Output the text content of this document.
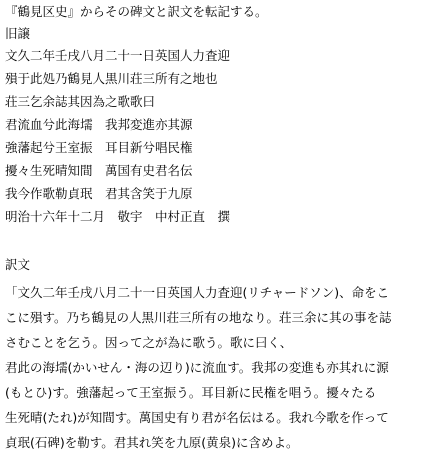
『鶴見区史』からその碑文と訳文を転記する。
旧譲
文久二年壬戌八月二十一日英国人力査迎
殞于此処乃鶴見人黒川荘三所有之地也
荘三乞余誌其因為之歌歌曰
君流血兮此海壖　我邦変進亦其源
強藩起兮王室振　耳目新兮唱民権
擾々生死晴知間　萬国有史君名伝
我今作歌勒貞珉　君其含笑于九原
明治十六年十二月　敬宇　中村正直　撰
訳文
「文久二年壬戌八月二十一日英国人力査迎(リチャードソン)、命をこ
こに殞す。乃ち鶴見の人黒川荘三所有の地なり。荘三余に其の事を誌
さむことを乞う。因って之が為に歌う。歌に曰く、
君此の海壖(かいせん・海の辺り)に流血す。我邦の変進も亦其れに源
(もとひ)す。強藩起って王室振う。耳目新に民権を唱う。擾々たる
生死晴(たれ)が知間す。萬国史有り君が名伝はる。我れ今歌を作って
貞珉(石碑)を勒す。君其れ笑を九原(黄泉)に含めよ。
